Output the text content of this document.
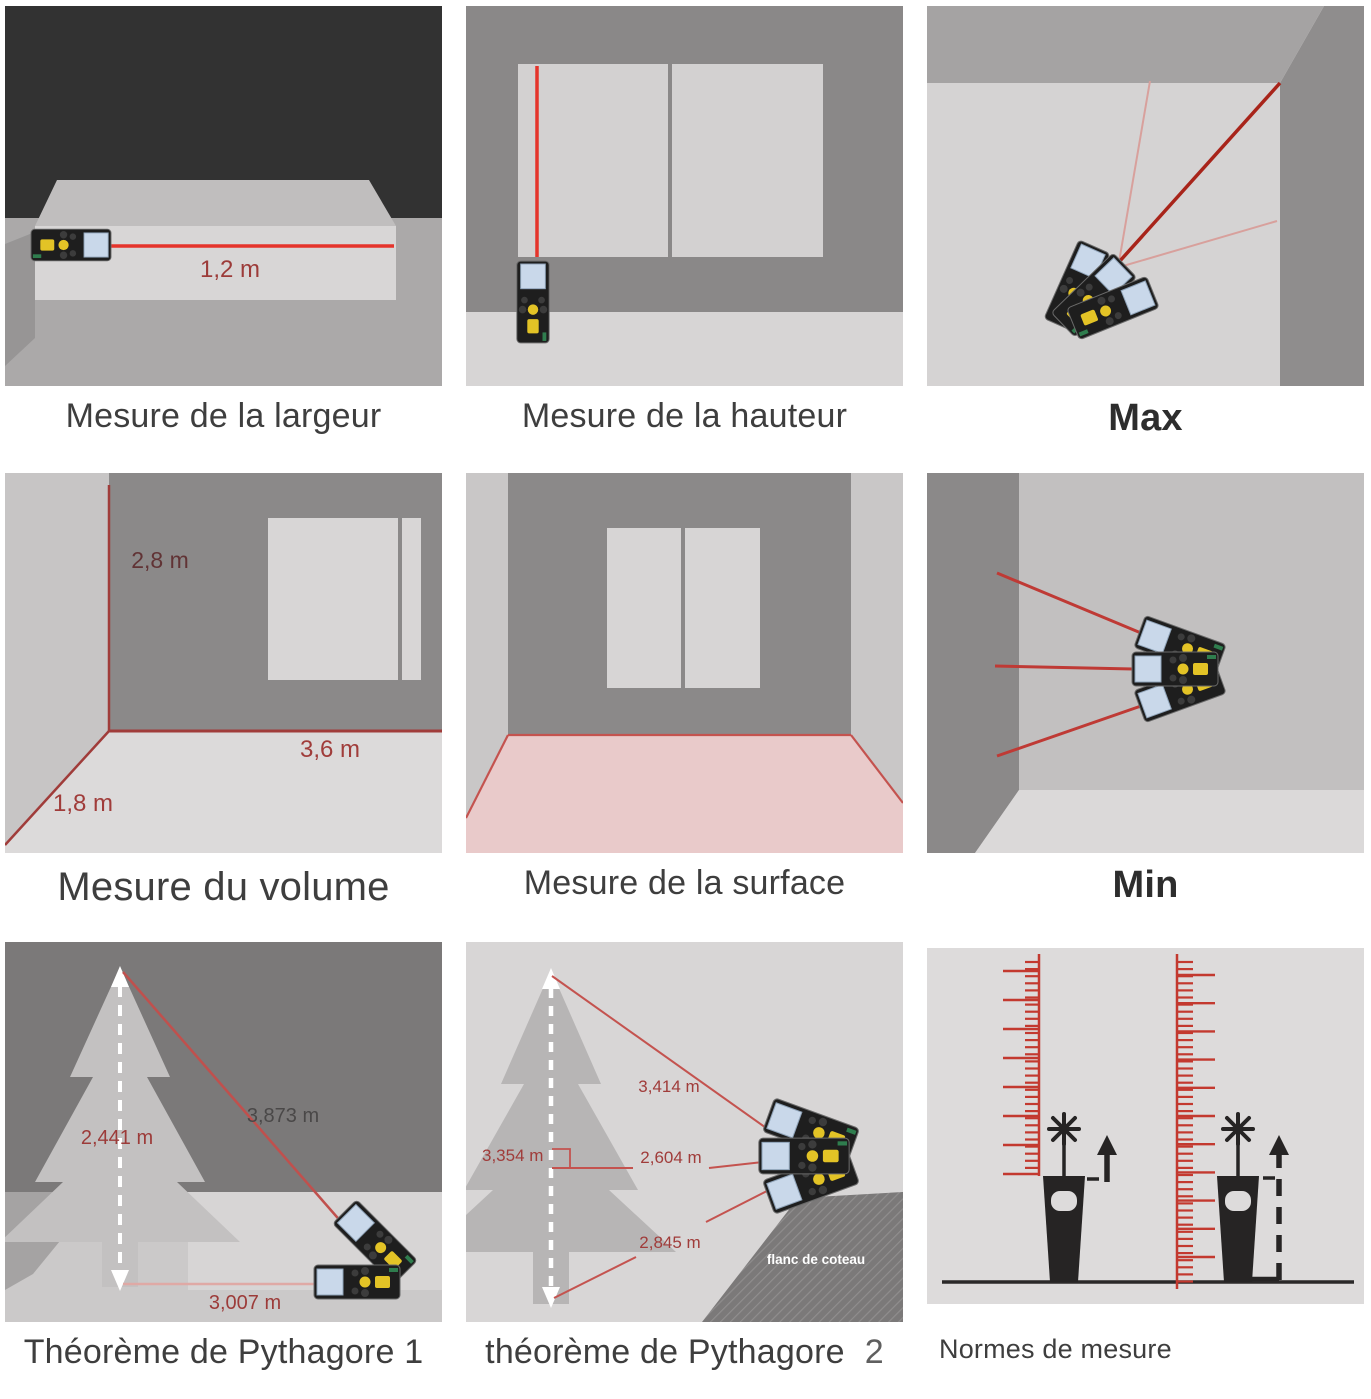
1,2 m
Mesure de la largeur	Mesure de la hauteur	Max
2,8 m
3,6 m
1,8 m
Mesure du volume	Mesure de la surface	Min
2,441 m
3,873 m
3,007 m
Théorème de Pythagore 1
3,414 m
3,354 m	2,604 m
2,845 m
flanc de coteau
théorème de Pythagore 2	Normes de mesure
